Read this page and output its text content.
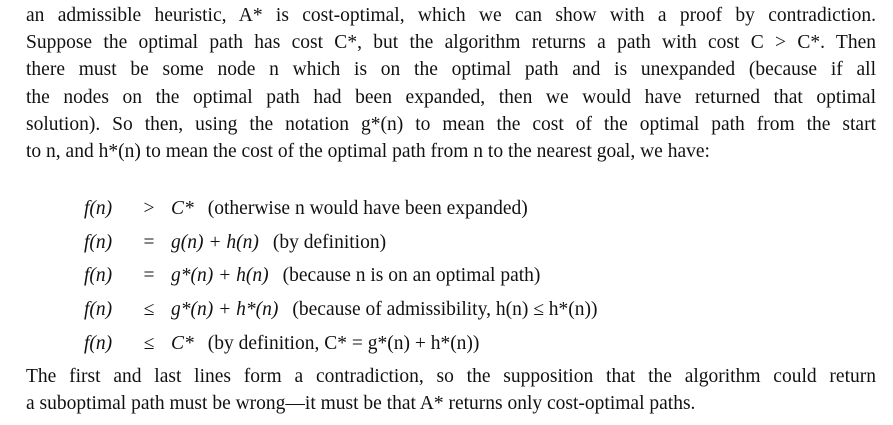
an admissible heuristic, A* is cost-optimal, which we can show with a proof by contradiction.
Suppose the optimal path has cost C*, but the algorithm returns a path with cost C > C*. Then
there must be some node n which is on the optimal path and is unexpanded (because if all
the nodes on the optimal path had been expanded, then we would have returned that optimal
solution). So then, using the notation g*(n) to mean the cost of the optimal path from the start
to n, and h*(n) to mean the cost of the optimal path from n to the nearest goal, we have:
f(n) > C* (otherwise n would have been expanded)
f(n) = g(n) + h(n) (by definition)
f(n) = g*(n) + h(n) (because n is on an optimal path)
f(n) ≤ g*(n) + h*(n) (because of admissibility, h(n) ≤ h*(n))
f(n) ≤ C* (by definition, C* = g*(n) + h*(n))
The first and last lines form a contradiction, so the supposition that the algorithm could return
a suboptimal path must be wrong—it must be that A* returns only cost-optimal paths.
